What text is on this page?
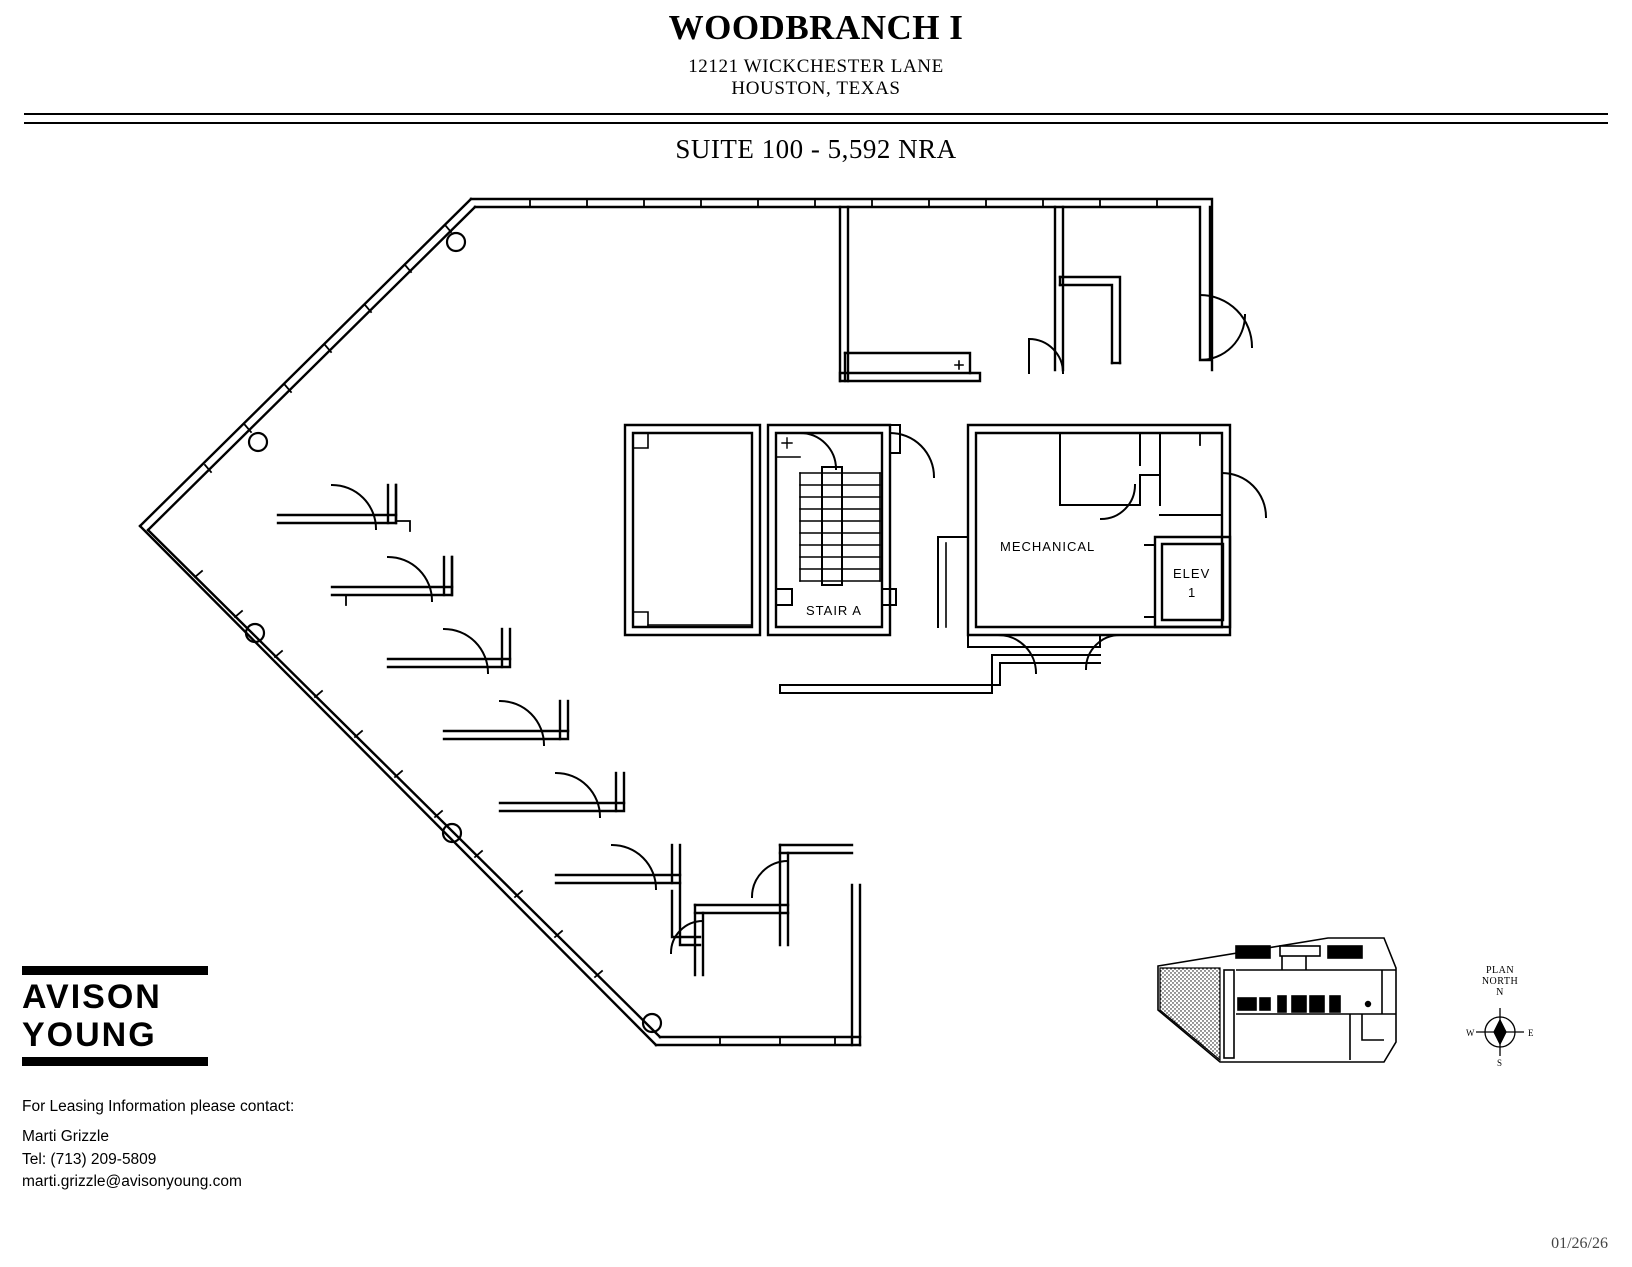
WOODBRANCH I
12121 WICKCHESTER LANE
HOUSTON, TEXAS
SUITE 100 - 5,592 NRA
MECHANICAL
STAIR A
ELEV
1
PLAN
NORTH
N
W	E
S
AVISON
YOUNG
For Leasing Information please contact:
Marti Grizzle
Tel: (713) 209-5809
marti.grizzle@avisonyoung.com
01/26/26
